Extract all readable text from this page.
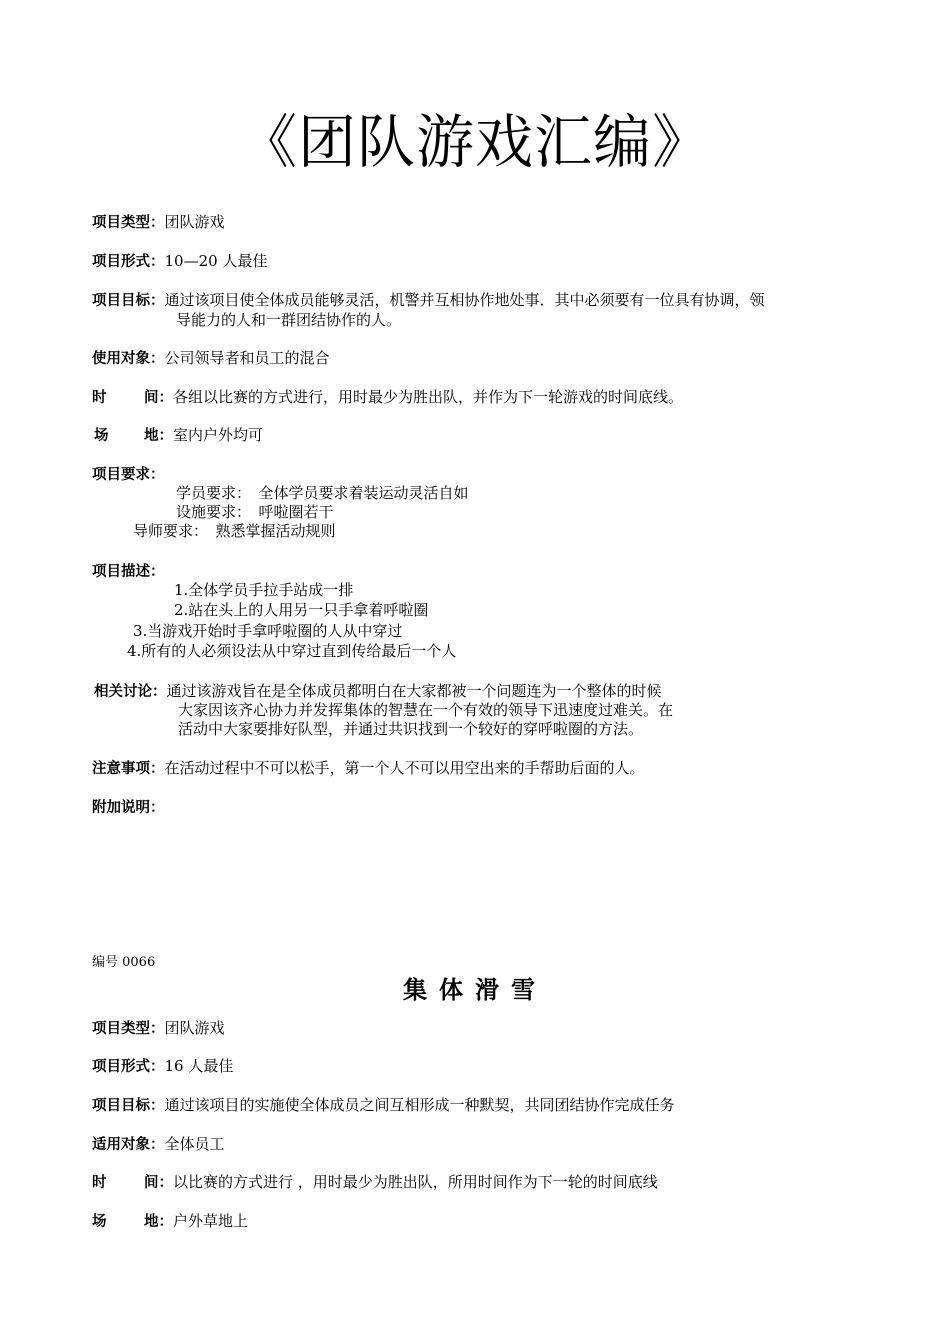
《团队游戏汇编》
项目类型：团队游戏
项目形式：10—20 人最佳
项目目标：通过该项目使全体成员能够灵活，机警并互相协作地处事．其中必须要有一位具有协调，领
导能力的人和一群团结协作的人。
使用对象：公司领导者和员工的混合
时	间：各组以比赛的方式进行，用时最少为胜出队，并作为下一轮游戏的时间底线。
场 地：室内户外均可
项目要求：
学员要求：　全体学员要求着装运动灵活自如
设施要求：　呼啦圈若干
导师要求：　熟悉掌握活动规则
项目描述：
1.全体学员手拉手站成一排
2.站在头上的人用另一只手拿着呼啦圈
3.当游戏开始时手拿呼啦圈的人从中穿过
4.所有的人必须设法从中穿过直到传给最后一个人
相关讨论：通过该游戏旨在是全体成员都明白在大家都被一个问题连为一个整体的时候
大家因该齐心协力并发挥集体的智慧在一个有效的领导下迅速度过难关。在
活动中大家要排好队型，并通过共识找到一个较好的穿呼啦圈的方法。
注意事项：在活动过程中不可以松手，第一个人不可以用空出来的手帮助后面的人。
附加说明：
编号 0066
集体滑雪
项目类型：团队游戏
项目形式：16 人最佳
项目目标：通过该项目的实施使全体成员之间互相形成一种默契，共同团结协作完成任务
适用对象：全体员工
时	间：以比赛的方式进行 ，用时最少为胜出队，所用时间作为下一轮的时间底线
场	地：户外草地上
